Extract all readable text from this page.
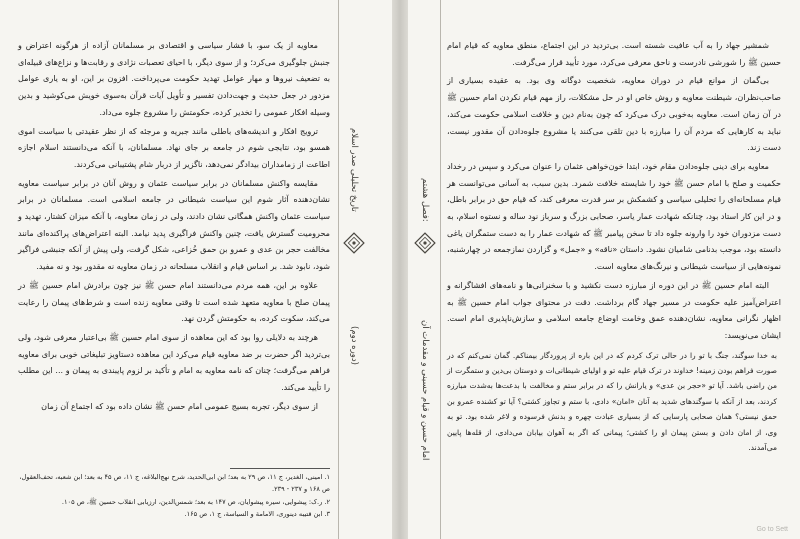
معاویه از یک سو، با فشار سیاسی و اقتصادی بر مسلمانان آزاده از هرگونه اعتراض و جنبش جلوگیری می‌کرد؛ و از سوی دیگر، با احیای تعصبات نژادی و رقابت‌ها و نزاع‌های قبیله‌ای به تضعیف نیروها و مهار عوامل تهدید حکومت می‌پرداخت. افزون بر این، او به یاری عوامل مزدور در جعل حدیث و جهت‌دادن تفسیر و تأویل آیات قرآن به‌سوی خویش می‌کوشید و بدین وسیله افکار عمومی را تخدیر کرده، حکومتش را مشروع جلوه می‌داد.

ترویج افکار و اندیشه‌های باطلی مانند جبریه و مرجئه که از نظر عقیدتی با سیاست اموی همسو بود، نتایجی شوم در جامعه بر جای نهاد. مسلمانان، با آنکه می‌دانستند اسلام اجازه اطاعت از زمامداران بیدادگر نمی‌دهد، ناگزیر از دربار شام پشتیبانی می‌کردند.

مقایسه واکنش مسلمانان در برابر سیاست عثمان و روش آنان در برابر سیاست معاویه نشان‌دهنده آثار شوم این سیاست شیطانی در جامعه اسلامی است. مسلمانان در برابر سیاست عثمان واکنش همگانی نشان دادند، ولی در زمان معاویه، با آنکه میزان کشتار، تهدید و محرومیت گسترش یافت، چنین واکنش فراگیری پدید نیامد. البته اعتراض‌های پراکنده‌ای مانند مخالفت حجر بن عدی و عمرو بن حمق خُزاعی، شکل گرفت، ولی پیش از آنکه جنبشی فراگیر شود، نابود شد. بر اساس قیام و انقلاب مسلحانه در زمان معاویه نه مقدور بود و نه مفید.

علاوه بر این، همه مردم می‌دانستند امام حسن ﷺ نیز چون برادرش امام حسین ﷺ در پیمان صلح با معاویه متعهد شده است تا وقتی معاویه زنده است و شرط‌های پیمان را رعایت می‌کند، سکوت کرده، به حکومتش گردن نهد.

هرچند به دلایلی روا بود که این معاهده از سوی امام حسین ﷺ بی‌اعتبار معرفی شود، ولی بی‌تردید اگر حضرت بر ضد معاویه قیام می‌کرد این معاهده دستاویز تبلیغاتی خوبی برای معاویه فراهم می‌گرفت؛ چنان که نامه معاویه به امام و تأکید بر لزوم پایبندی به پیمان و ... این مطلب را تأیید می‌کند.

از سوی دیگر، تجربه بسیج عمومی امام حسن ﷺ نشان داده بود که اجتماع آن زمان

۱. امینی، الغدیر، ج ۱۱، ص ۲۹ به بعد؛ ابن ابی‌الحدید، شرح نهج‌البلاغه، ج ۱۱، ص ۴۵ به بعد؛ ابن شعبه، تحف‌العقول، ص ۱۶۸ و ۲۳۷ - ۲۳۹.
۲. ر.ک: پیشوایی، سیره پیشوایان، ص ۱۴۷ به بعد؛ شمس‌الدین، ارزیابی انقلاب حسین ﷺ، ص ۱۰۵.
۳. ابن قتیبه دینوری، الامامة و السیاسة، ج ۱، ص ۱۶۵.
تاریخ تحلیلی صدر اسلام
(دوره دوم)

شمشیر جهاد را به آب عافیت شسته است. بی‌تردید در این اجتماع، منطق معاویه که قیام امام حسین ﷺ را شورشی نادرست و ناحق معرفی می‌کرد، مورد تأیید قرار می‌گرفت.

بی‌گمان از موانع قیام در دوران معاویه، شخصیت دوگانه وی بود. به عقیده بسیاری از صاحب‌نظران، شیطنت معاویه و روش خاص او در حل مشکلات، راز مهم قیام نکردن امام حسین ﷺ در آن زمان است. معاویه به‌خوبی درک می‌کرد که چون به‌نام دین و خلافت اسلامی حکومت می‌کند، نباید به کارهایی که مردم آن را مبارزه با دین تلقی می‌کنند یا مشروع جلوه‌دادن آن مقدور نیست، دست زند.

معاویه برای دینی جلوه‌دادن مقام خود، ابتدا خون‌خواهی عثمان را عنوان می‌کرد و سپس در رخداد حکمیت و صلح با امام حسن ﷺ خود را شایسته خلافت شمرد. بدین سبب، به آسانی می‌توانست هر قیام مسلحانه‌ای را تحلیلی سیاسی و کشمکش بر سر قدرت معرفی کند، که قیام حق در برابر باطل، و در این کار استاد بود، چنانکه شهادت عمار یاسر، صحابی بزرگ و سرباز نود ساله و نستوه اسلام، به دست مزدوران خود را وارونه جلوه داد تا سخن پیامبر ﷺ که شهادت عمار را به دست ستمگران یاغی دانسته بود، موجب بدنامی شامیان نشود. داستان «ناقه» و «جمل» و گزاردن نمازجمعه در چهارشنبه، نمونه‌هایی از سیاست شیطانی و نیرنگ‌های معاویه است.

البته امام حسین ﷺ در این دوره از مبارزه دست نکشید و با سخنرانی‌ها و نامه‌های افشاگرانه و اعتراض‌آمیز علیه حکومت در مسیر جهاد گام برداشت. دقت در محتوای جواب امام حسین ﷺ به اظهار نگرانی معاویه، نشان‌دهنده عمق وخامت اوضاع جامعه اسلامی و سازش‌ناپذیری امام است. ایشان می‌نویسد:

به خدا سوگند، جنگ با تو را در حالی ترک کردم که در این باره از پروردگار بیمناکم. گمان نمی‌کنم که در صورت فراهم بودن زمینه! خداوند در ترک قیام علیه تو و اولیای شیطانی‌ات و دوستان بی‌دین و ستمگرت از من راضی باشد. آیا تو «حجر بن عدی» و یارانش را که در برابر ستم و مخالفت با بدعت‌ها به‌شدت مبارزه کردند، بعد از آنکه با سوگندهای شدید به آنان «امان» دادی، با ستم و تجاوز کشتی؟ آیا تو کشنده عمرو بن حمق نیستی؟ همان صحابی پارسایی که از بسیاری عبادت چهره و بدنش فرسوده و لاغر شده بود. تو به وی، از امان دادن و بستن پیمان او را کشتی؛ پیمانی که اگر به آهوان بیابان می‌دادی، از قله‌ها پایین می‌آمدند.

Go to Sett
فصل هشتم:
امام حسین و قیام حسینی و مقدمات آن
